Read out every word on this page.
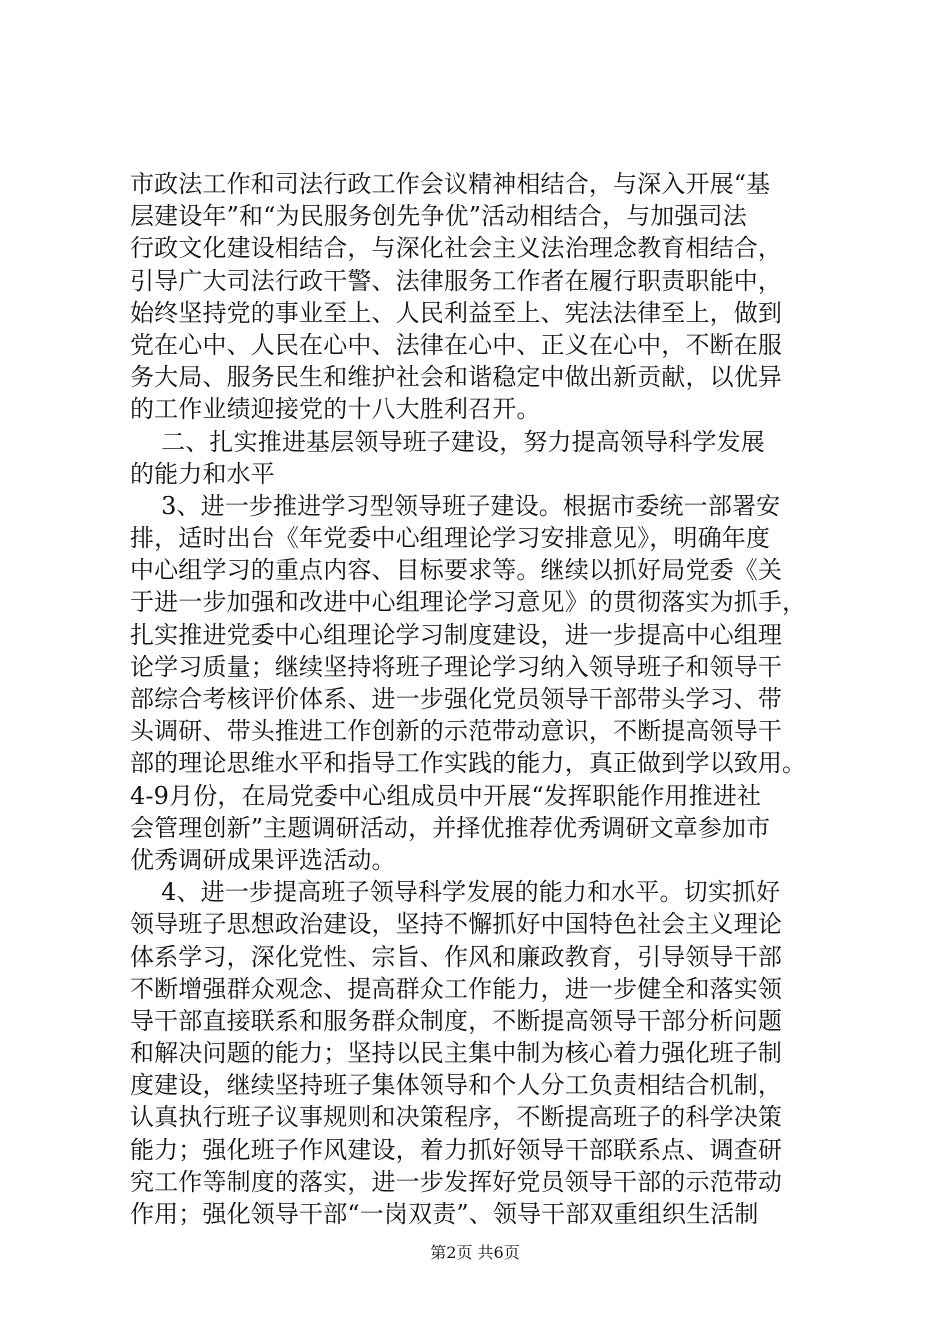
市政法工作和司法行政工作会议精神相结合，与深入开展“基
层建设年”和“为民服务创先争优”活动相结合，与加强司法
行政文化建设相结合，与深化社会主义法治理念教育相结合，
引导广大司法行政干警、法律服务工作者在履行职责职能中，
始终坚持党的事业至上、人民利益至上、宪法法律至上，做到
党在心中、人民在心中、法律在心中、正义在心中，不断在服
务大局、服务民生和维护社会和谐稳定中做出新贡献，以优异
的工作业绩迎接党的十八大胜利召开。
二、扎实推进基层领导班子建设，努力提高领导科学发展
的能力和水平
3、进一步推进学习型领导班子建设。根据市委统一部署安
排，适时出台《年党委中心组理论学习安排意见》，明确年度
中心组学习的重点内容、目标要求等。继续以抓好局党委《关
于进一步加强和改进中心组理论学习意见》的贯彻落实为抓手，
扎实推进党委中心组理论学习制度建设，进一步提高中心组理
论学习质量；继续坚持将班子理论学习纳入领导班子和领导干
部综合考核评价体系、进一步强化党员领导干部带头学习、带
头调研、带头推进工作创新的示范带动意识，不断提高领导干
部的理论思维水平和指导工作实践的能力，真正做到学以致用。
4-9月份，在局党委中心组成员中开展“发挥职能作用推进社
会管理创新”主题调研活动，并择优推荐优秀调研文章参加市
优秀调研成果评选活动。
4、进一步提高班子领导科学发展的能力和水平。切实抓好
领导班子思想政治建设，坚持不懈抓好中国特色社会主义理论
体系学习，深化党性、宗旨、作风和廉政教育，引导领导干部
不断增强群众观念、提高群众工作能力，进一步健全和落实领
导干部直接联系和服务群众制度，不断提高领导干部分析问题
和解决问题的能力；坚持以民主集中制为核心着力强化班子制
度建设，继续坚持班子集体领导和个人分工负责相结合机制，
认真执行班子议事规则和决策程序，不断提高班子的科学决策
能力；强化班子作风建设，着力抓好领导干部联系点、调查研
究工作等制度的落实，进一步发挥好党员领导干部的示范带动
作用；强化领导干部“一岗双责”、领导干部双重组织生活制
第2页 共6页
